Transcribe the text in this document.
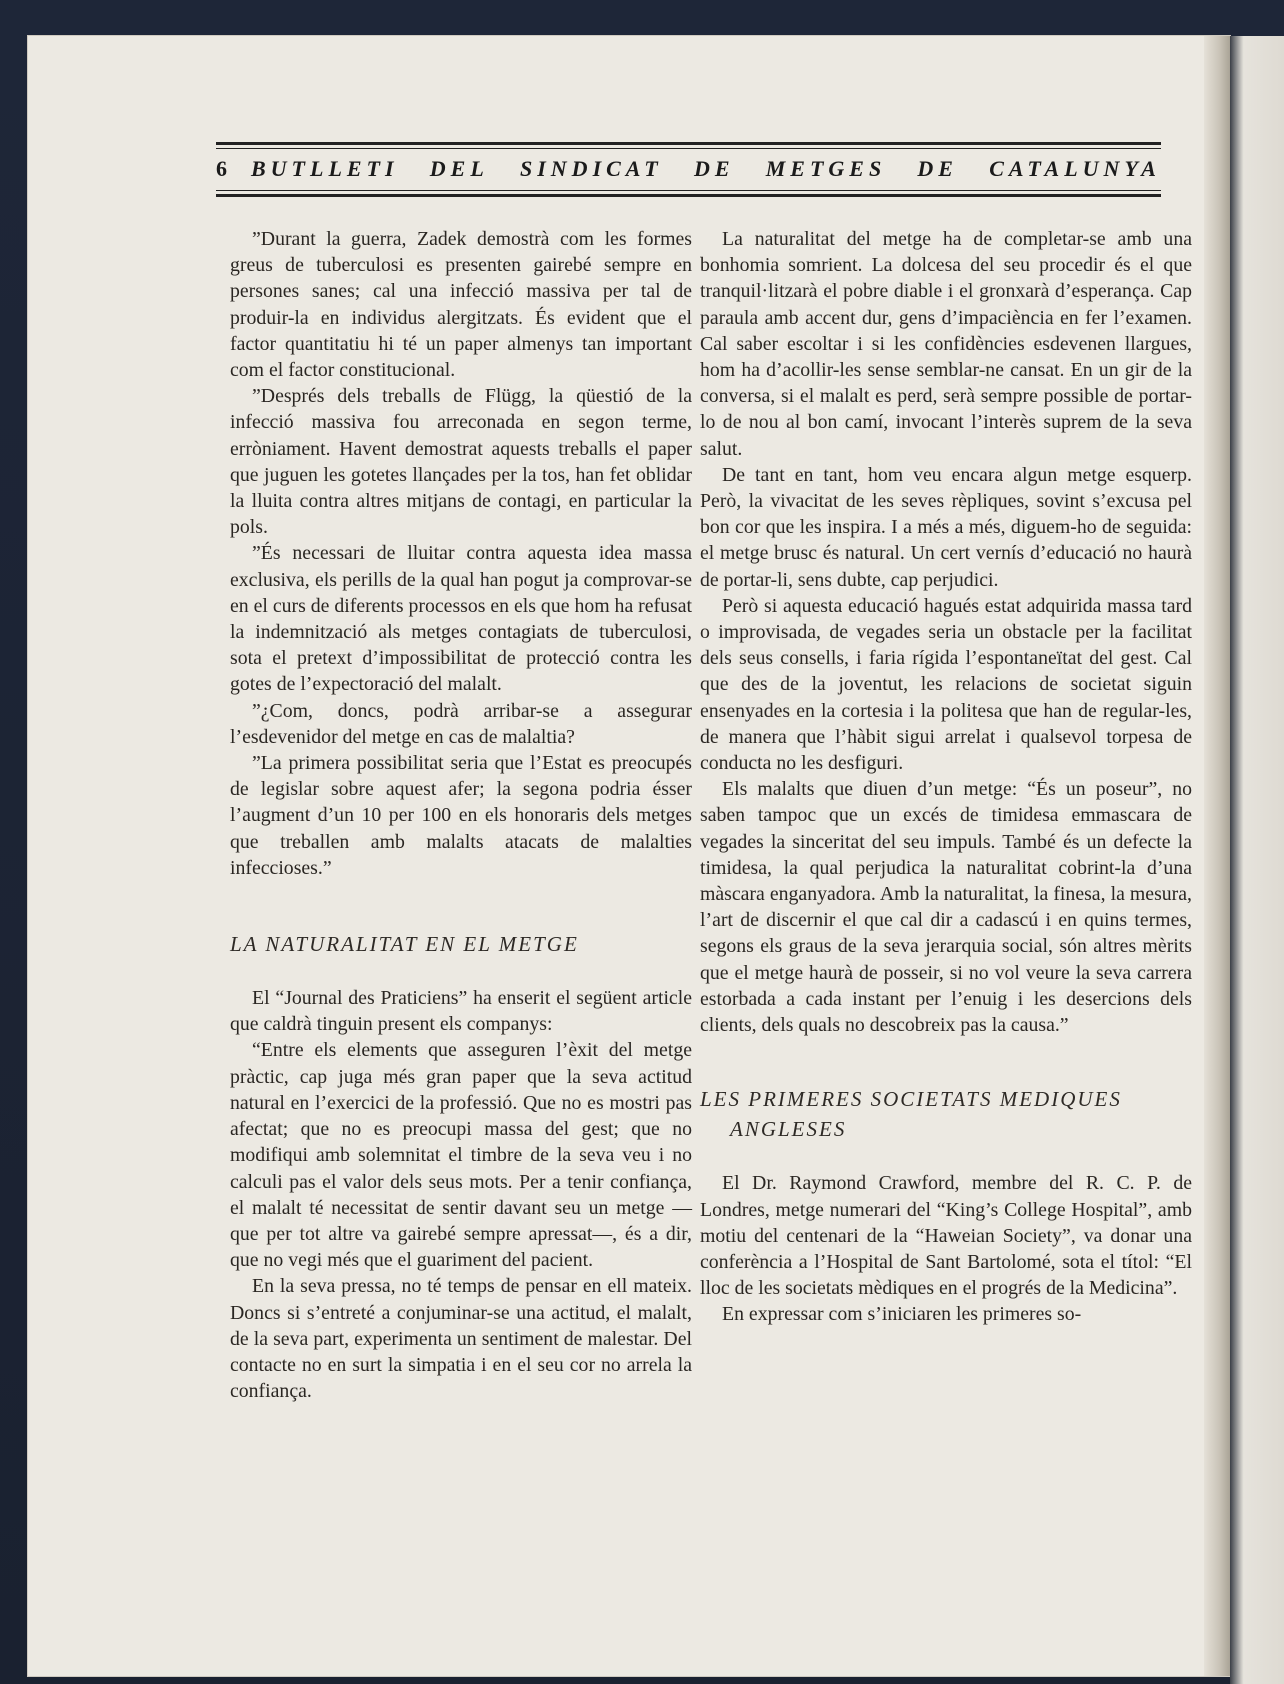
6 BUTLLETI DEL SINDICAT DE METGES DE CATALUNYA

”Durant la guerra, Zadek demostrà com les formes greus de tuberculosi es presenten gairebé sempre en persones sanes; cal una infecció massiva per tal de produir-la en individus alergitzats. És evident que el factor quantitatiu hi té un paper almenys tan important com el factor constitucional.

”Després dels treballs de Flügg, la qüestió de la infecció massiva fou arreconada en segon terme, erròniament. Havent demostrat aquests treballs el paper que juguen les gotetes llançades per la tos, han fet oblidar la lluita contra altres mitjans de contagi, en particular la pols.

”És necessari de lluitar contra aquesta idea massa exclusiva, els perills de la qual han pogut ja comprovar-se en el curs de diferents processos en els que hom ha refusat la indemnització als metges contagiats de tuberculosi, sota el pretext d’impossibilitat de protecció contra les gotes de l’expectoració del malalt.

”¿Com, doncs, podrà arribar-se a assegurar l’esdevenidor del metge en cas de malaltia?

”La primera possibilitat seria que l’Estat es preocupés de legislar sobre aquest afer; la segona podria ésser l’augment d’un 10 per 100 en els honoraris dels metges que treballen amb malalts atacats de malalties infeccioses.”

LA NATURALITAT EN EL METGE

El “Journal des Praticiens” ha enserit el següent article que caldrà tinguin present els companys:

“Entre els elements que asseguren l’èxit del metge pràctic, cap juga més gran paper que la seva actitud natural en l’exercici de la professió. Que no es mostri pas afectat; que no es preocupi massa del gest; que no modifiqui amb solemnitat el timbre de la seva veu i no calculi pas el valor dels seus mots. Per a tenir confiança, el malalt té necessitat de sentir davant seu un metge —que per tot altre va gairebé sempre apressat—, és a dir, que no vegi més que el guariment del pacient.

En la seva pressa, no té temps de pensar en ell mateix. Doncs si s’entreté a conjuminar-se una actitud, el malalt, de la seva part, experimenta un sentiment de malestar. Del contacte no en surt la simpatia i en el seu cor no arrela la confiança.

La naturalitat del metge ha de completar-se amb una bonhomia somrient. La dolcesa del seu procedir és el que tranquil·litzarà el pobre diable i el gronxarà d’esperança. Cap paraula amb accent dur, gens d’impaciència en fer l’examen. Cal saber escoltar i si les confidències esdevenen llargues, hom ha d’acollir-les sense semblar-ne cansat. En un gir de la conversa, si el malalt es perd, serà sempre possible de portar-lo de nou al bon camí, invocant l’interès suprem de la seva salut.

De tant en tant, hom veu encara algun metge esquerp. Però, la vivacitat de les seves rèpliques, sovint s’excusa pel bon cor que les inspira. I a més a més, diguem-ho de seguida: el metge brusc és natural. Un cert vernís d’educació no haurà de portar-li, sens dubte, cap perjudici.

Però si aquesta educació hagués estat adquirida massa tard o improvisada, de vegades seria un obstacle per la facilitat dels seus consells, i faria rígida l’espontaneïtat del gest. Cal que des de la joventut, les relacions de societat siguin ensenyades en la cortesia i la politesa que han de regular-les, de manera que l’hàbit sigui arrelat i qualsevol torpesa de conducta no les desfiguri.

Els malalts que diuen d’un metge: “És un poseur”, no saben tampoc que un excés de timidesa emmascara de vegades la sinceritat del seu impuls. També és un defecte la timidesa, la qual perjudica la naturalitat cobrint-la d’una màscara enganyadora. Amb la naturalitat, la finesa, la mesura, l’art de discernir el que cal dir a cadascú i en quins termes, segons els graus de la seva jerarquia social, són altres mèrits que el metge haurà de posseir, si no vol veure la seva carrera estorbada a cada instant per l’enuig i les desercions dels clients, dels quals no descobreix pas la causa.”

LES PRIMERES SOCIETATS MEDIQUES
ANGLESES

El Dr. Raymond Crawford, membre del R. C. P. de Londres, metge numerari del “King’s College Hospital”, amb motiu del centenari de la “Haweian Society”, va donar una conferència a l’Hospital de Sant Bartolomé, sota el títol: “El lloc de les societats mèdiques en el progrés de la Medicina”.

En expressar com s’iniciaren les primeres so-
